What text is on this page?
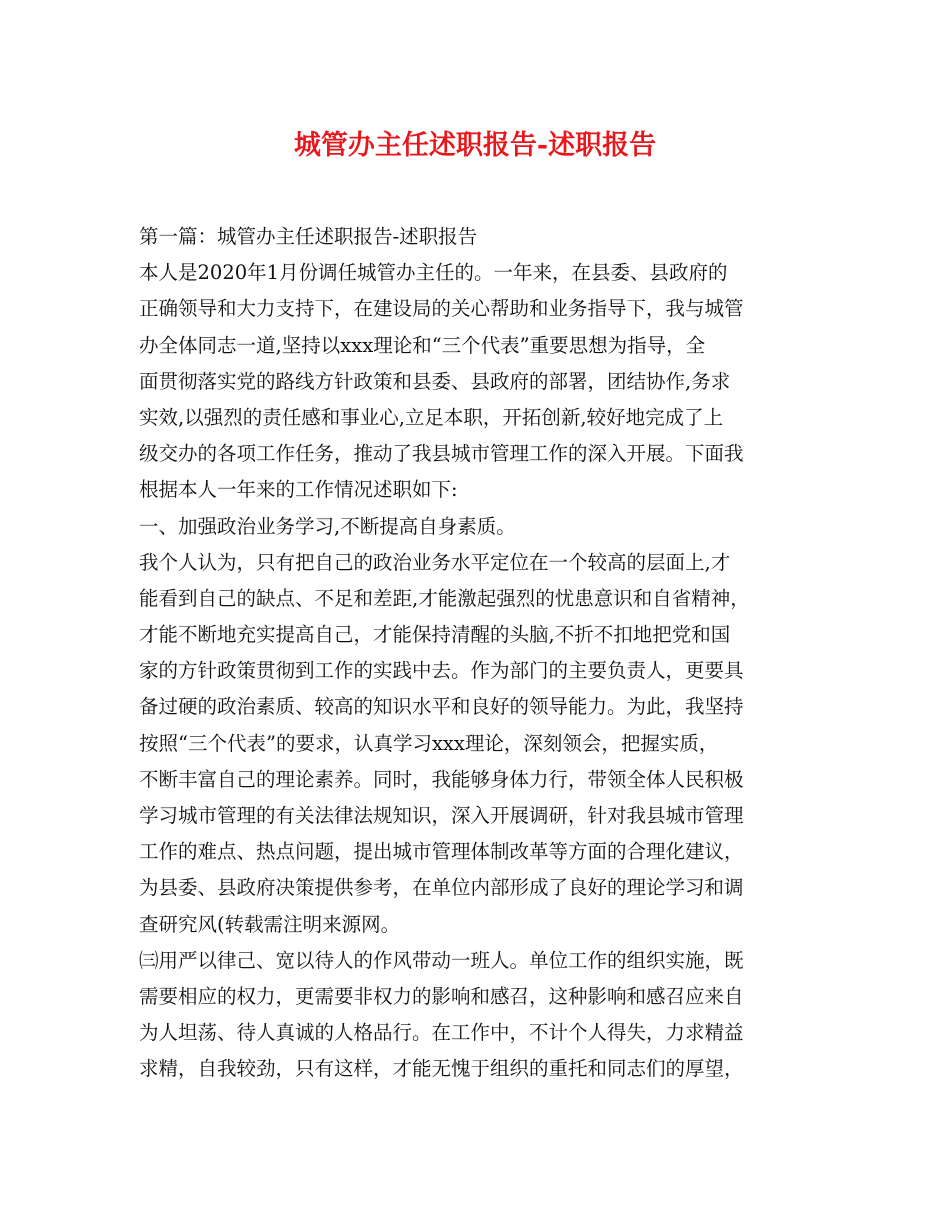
城管办主任述职报告-述职报告

第一篇：城管办主任述职报告-述职报告

本人是2020年1月份调任城管办主任的。一年来，在县委、县政府的

正确领导和大力支持下，在建设局的关心帮助和业务指导下，我与城管

办全体同志一道,坚持以xxx理论和“三个代表”重要思想为指导，全

面贯彻落实党的路线方针政策和县委、县政府的部署，团结协作,务求

实效,以强烈的责任感和事业心,立足本职，开拓创新,较好地完成了上

级交办的各项工作任务，推动了我县城市管理工作的深入开展。下面我

根据本人一年来的工作情况述职如下:

一、加强政治业务学习,不断提高自身素质。

我个人认为，只有把自己的政治业务水平定位在一个较高的层面上,才

能看到自己的缺点、不足和差距,才能激起强烈的忧患意识和自省精神，

才能不断地充实提高自己，才能保持清醒的头脑,不折不扣地把党和国

家的方针政策贯彻到工作的实践中去。作为部门的主要负责人，更要具

备过硬的政治素质、较高的知识水平和良好的领导能力。为此，我坚持

按照“三个代表”的要求，认真学习xxx理论，深刻领会，把握实质，

不断丰富自己的理论素养。同时，我能够身体力行，带领全体人民积极

学习城市管理的有关法律法规知识，深入开展调研，针对我县城市管理

工作的难点、热点问题，提出城市管理体制改革等方面的合理化建议，

为县委、县政府决策提供参考，在单位内部形成了良好的理论学习和调

查研究风(转载需注明来源网。

㈢用严以律己、宽以待人的作风带动一班人。单位工作的组织实施，既

需要相应的权力，更需要非权力的影响和感召，这种影响和感召应来自

为人坦荡、待人真诚的人格品行。在工作中，不计个人得失，力求精益

求精，自我较劲，只有这样，才能无愧于组织的重托和同志们的厚望，
